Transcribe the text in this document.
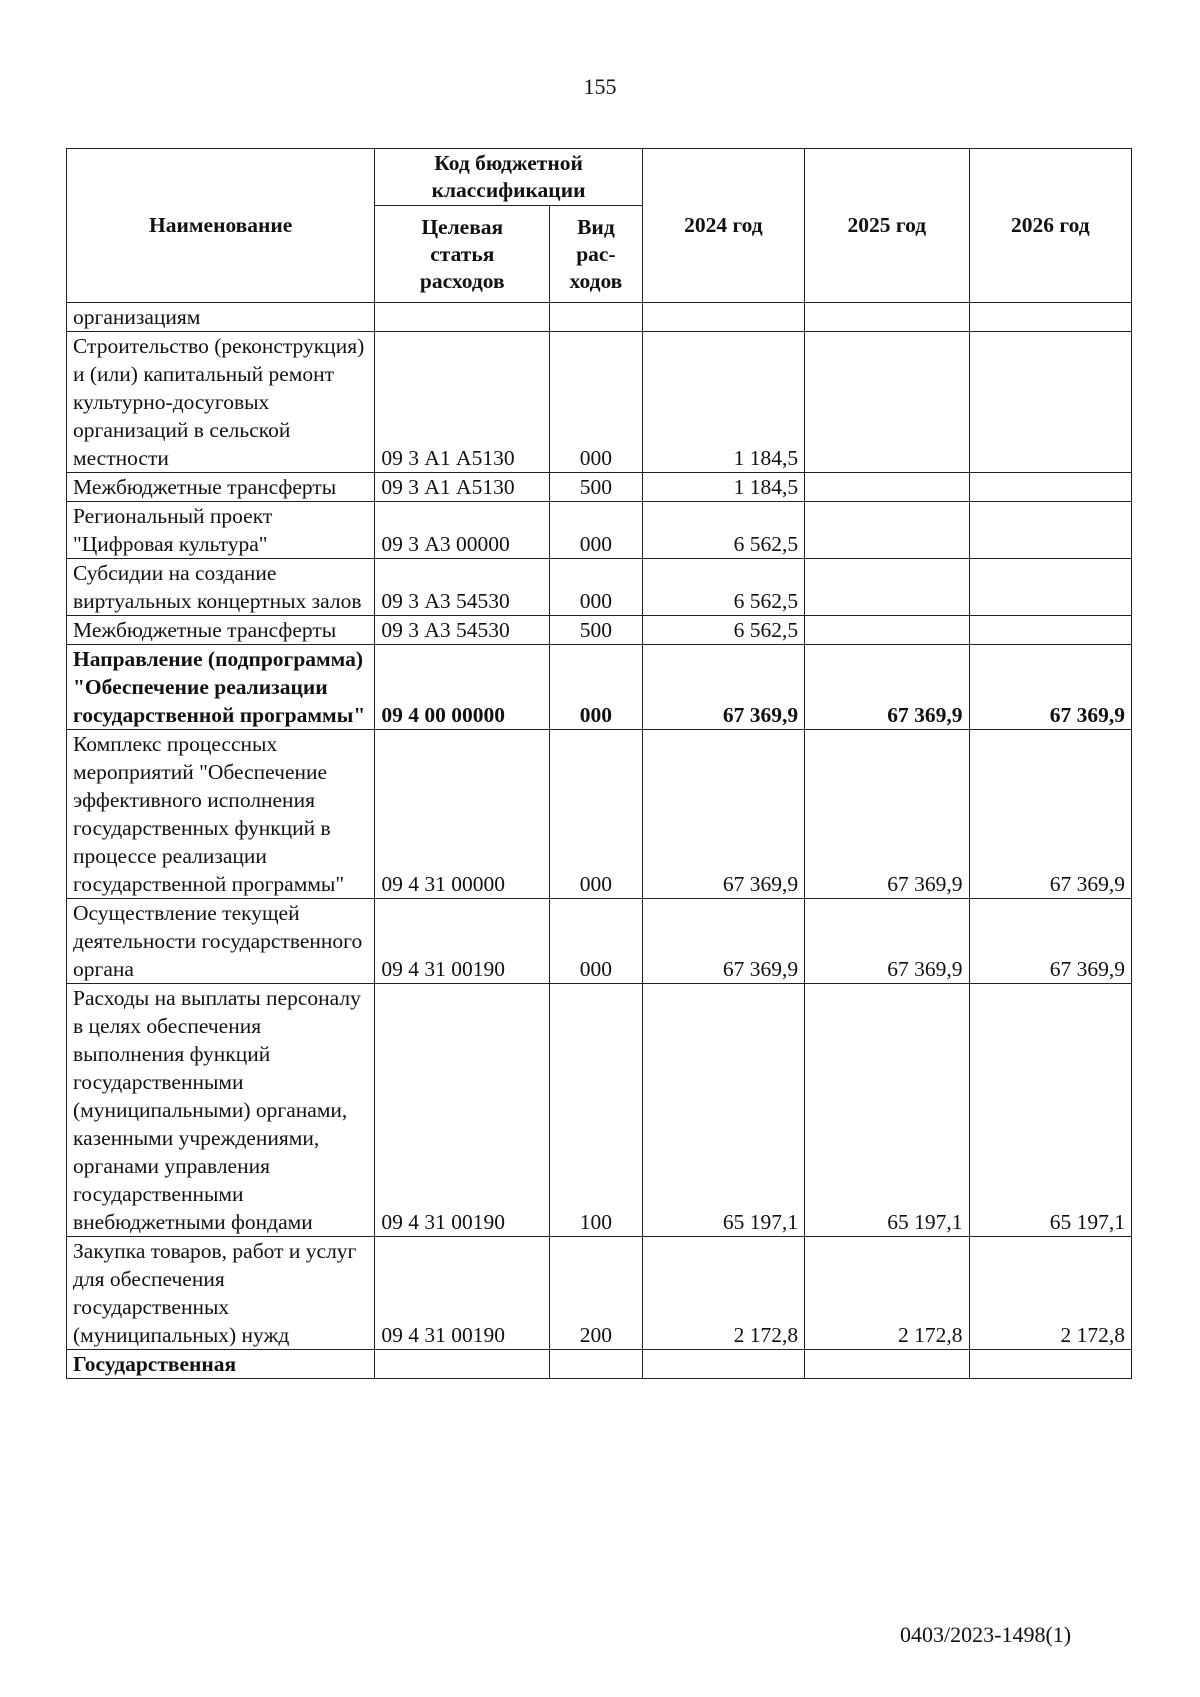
155
Наименование	Код бюджетной классификации		2024 год	2025 год	2026 год
	Целевая статья расходов	Вид рас-ходов			
организациям					
Строительство (реконструкция) и (или) капитальный ремонт культурно-досуговых организаций в сельской местности	09 3 А1 А5130	000	1 184,5		
Межбюджетные трансферты	09 3 А1 А5130	500	1 184,5		
Региональный проект "Цифровая культура"	09 3 А3 00000	000	6 562,5		
Субсидии на создание виртуальных концертных залов	09 3 А3 54530	000	6 562,5		
Межбюджетные трансферты	09 3 А3 54530	500	6 562,5		
Направление (подпрограмма) "Обеспечение реализации государственной программы"	09 4 00 00000	000	67 369,9	67 369,9	67 369,9
Комплекс процессных мероприятий "Обеспечение эффективного исполнения государственных функций в процессе реализации государственной программы"	09 4 31 00000	000	67 369,9	67 369,9	67 369,9
Осуществление текущей деятельности государственного органа	09 4 31 00190	000	67 369,9	67 369,9	67 369,9
Расходы на выплаты персоналу в целях обеспечения выполнения функций государственными (муниципальными) органами, казенными учреждениями, органами управления государственными внебюджетными фондами	09 4 31 00190	100	65 197,1	65 197,1	65 197,1
Закупка товаров, работ и услуг для обеспечения государственных (муниципальных) нужд	09 4 31 00190	200	2 172,8	2 172,8	2 172,8
Государственная					
0403/2023-1498(1)
